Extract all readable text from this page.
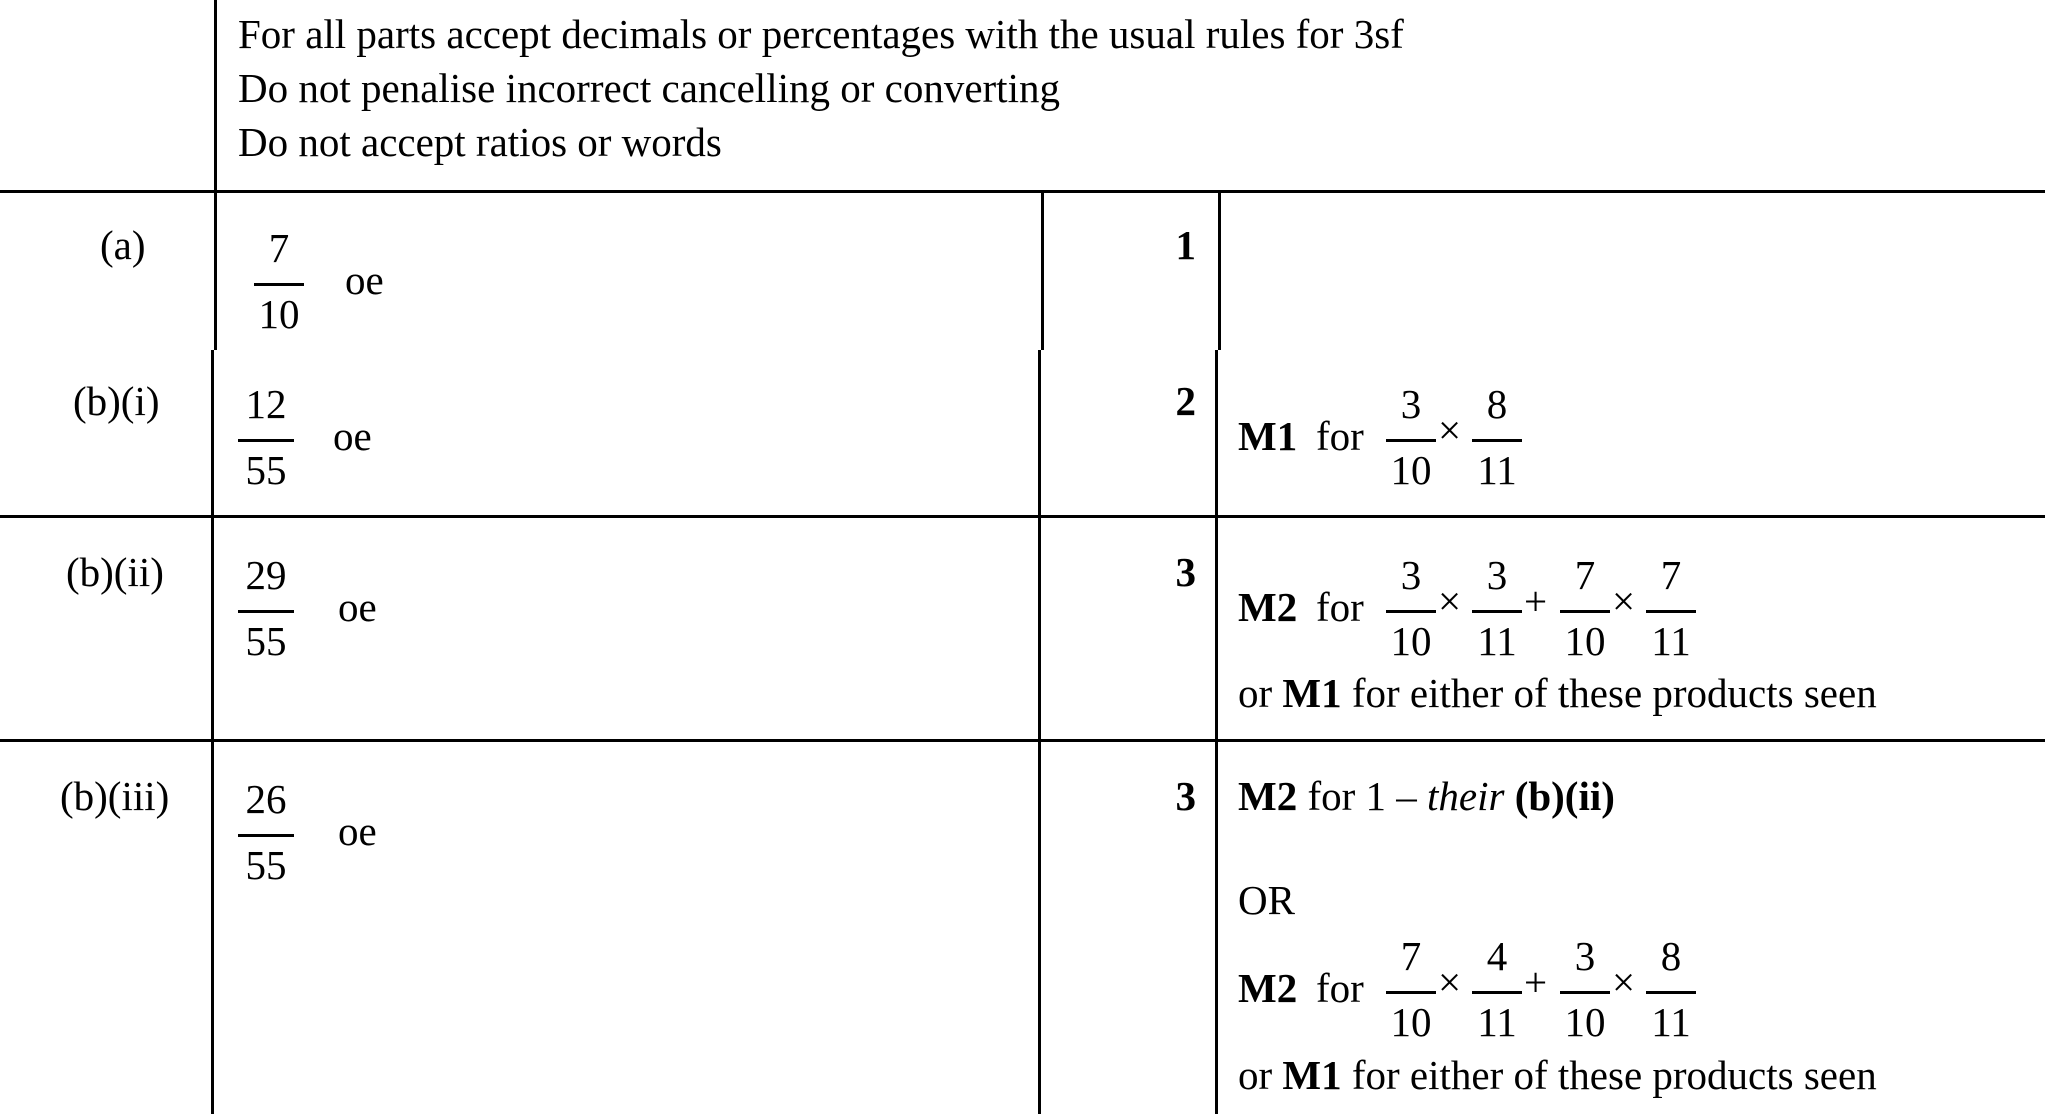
For all parts accept decimals or percentages with the usual rules for 3sf
Do not penalise incorrect cancelling or converting
Do not accept ratios or words
(a)	7
10
oe
1
(b)(i) 12
55
oe
2
M1 for
3
10
×
8
11
(b)(ii) 29
55
oe
3
M2 for
3
10
×
3
11
+
7
10
×
7
11
or M1 for either of these products seen
(b)(iii) 26
55
oe
3 M2 for 1 – their (b)(ii)
OR
M2 for
7
10
×
4
11
+
3
10
×
8
11
or M1 for either of these products seen
